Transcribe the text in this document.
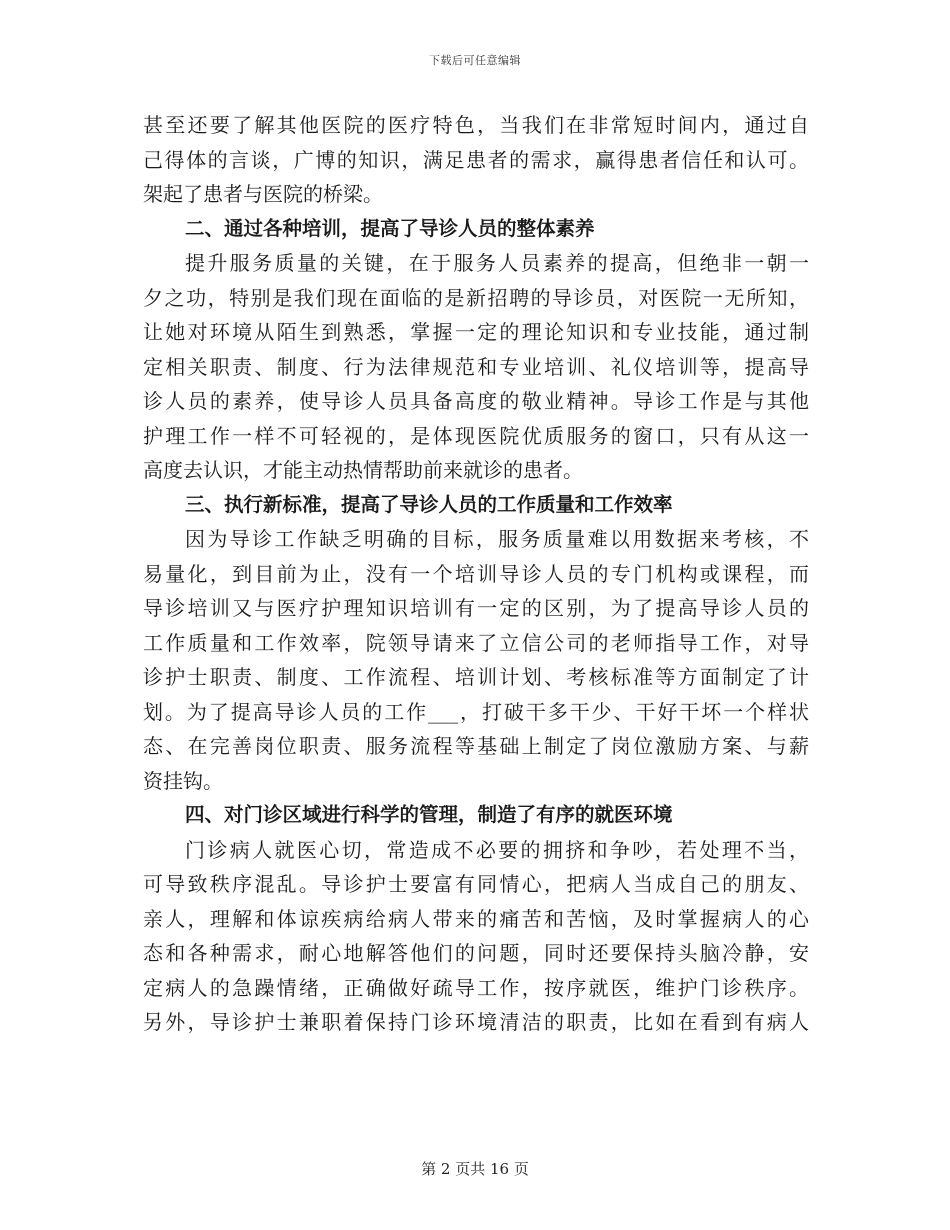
下载后可任意编辑
甚至还要了解其他医院的医疗特色，当我们在非常短时间内，通过自
己得体的言谈，广博的知识，满足患者的需求，赢得患者信任和认可。
架起了患者与医院的桥梁。
二、通过各种培训，提高了导诊人员的整体素养
提升服务质量的关键，在于服务人员素养的提高，但绝非一朝一
夕之功，特别是我们现在面临的是新招聘的导诊员，对医院一无所知，
让她对环境从陌生到熟悉，掌握一定的理论知识和专业技能，通过制
定相关职责、制度、行为法律规范和专业培训、礼仪培训等，提高导
诊人员的素养，使导诊人员具备高度的敬业精神。导诊工作是与其他
护理工作一样不可轻视的，是体现医院优质服务的窗口，只有从这一
高度去认识，才能主动热情帮助前来就诊的患者。
三、执行新标准，提高了导诊人员的工作质量和工作效率
因为导诊工作缺乏明确的目标，服务质量难以用数据来考核，不
易量化，到目前为止，没有一个培训导诊人员的专门机构或课程，而
导诊培训又与医疗护理知识培训有一定的区别，为了提高导诊人员的
工作质量和工作效率，院领导请来了立信公司的老师指导工作，对导
诊护士职责、制度、工作流程、培训计划、考核标准等方面制定了计
划。为了提高导诊人员的工作___，打破干多干少、干好干坏一个样状
态、在完善岗位职责、服务流程等基础上制定了岗位激励方案、与薪
资挂钩。
四、对门诊区域进行科学的管理，制造了有序的就医环境
门诊病人就医心切，常造成不必要的拥挤和争吵，若处理不当，
可导致秩序混乱。导诊护士要富有同情心，把病人当成自己的朋友、
亲人，理解和体谅疾病给病人带来的痛苦和苦恼，及时掌握病人的心
态和各种需求，耐心地解答他们的问题，同时还要保持头脑冷静，安
定病人的急躁情绪，正确做好疏导工作，按序就医，维护门诊秩序。
另外，导诊护士兼职着保持门诊环境清洁的职责，比如在看到有病人
第 2 页共 16 页
